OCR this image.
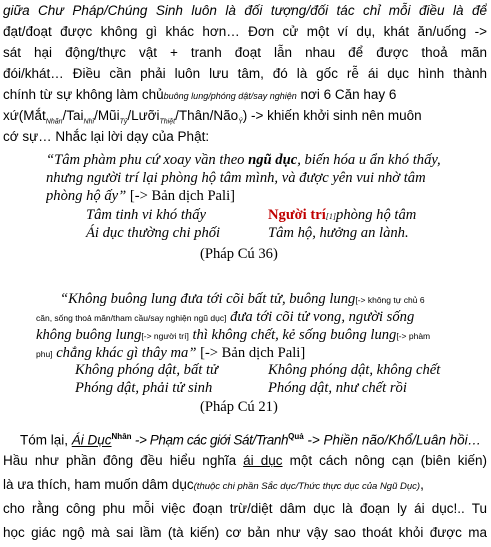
giữa Chư Pháp/Chúng Sinh luôn là đối tượng/đối tác chỉ mỗi điều là để
đạt/đoạt được không gì khác hơn… Đơn cử một ví dụ, khát ăn/uống ->
sát hại động/thực vật + tranh đoạt lẫn nhau để được thoả mãn
đói/khát… Điều cần phải luôn lưu tâm, đó là gốc rễ ái dục hình thành
chính từ sự không làm chủbuông lung/phóng dật/say nghiện nơi 6 Căn hay 6
xứ(Mắt$_{Nhãn}$/Tai$_{Nhĩ}$/Mũi$_{Tỷ}$/Lưỡi$_{Thiệt}$/Thân/Não$_Ý$) -> khiến khởi sinh nên muôn
cớ sự… Nhắc lại lời dạy của Phật:
“Tâm phàm phu cứ xoay vần theo ngũ dục, biến hóa u ẩn khó thấy,
nhưng người trí lại phòng hộ tâm mình, và được yên vui nhờ tâm
phòng hộ ấy” [-> Bản dịch Pali]
Tâm tinh vi khó thấy
Ái dục thường chi phối
Người trí[1]phòng hộ tâm
Tâm hộ, hưởng an lành.
(Pháp Cú 36)
“Không buông lung đưa tới cõi bất tử, buông lung[-> không tự chủ 6
căn, sống thoả mãn/tham cầu/say nghiện ngũ dục] đưa tới cõi tử vong, người sống
không buông lung[-> người trí] thì không chết, kẻ sống buông lung[-> phàm
phu] chẳng khác gì thây ma” [-> Bản dịch Pali]
Không phóng dật, bất tử
Phóng dật, phải tử sinh
Không phóng dật, không chết
Phóng dật, như chết rồi
(Pháp Cú 21)
Tóm lại, Ái Dục$^{Nhân}$ -> Phạm các giới Sát/Tranh$^{Quả}$ -> Phiền não/Khổ/Luân hồi…
Hầu như phần đông đều hiểu nghĩa ái dục một cách nông cạn (biên kiến)
là ưa thích, ham muốn dâm dục(thuộc chi phần Sắc dục/Thức thực dục của Ngũ Dục),
cho rằng công phu mỗi việc đoạn trừ/diệt dâm dục là đoạn ly ái dục!.. Tu
học giác ngộ mà sai lầm (tà kiến) cơ bản như vậy sao thoát khỏi được ma
